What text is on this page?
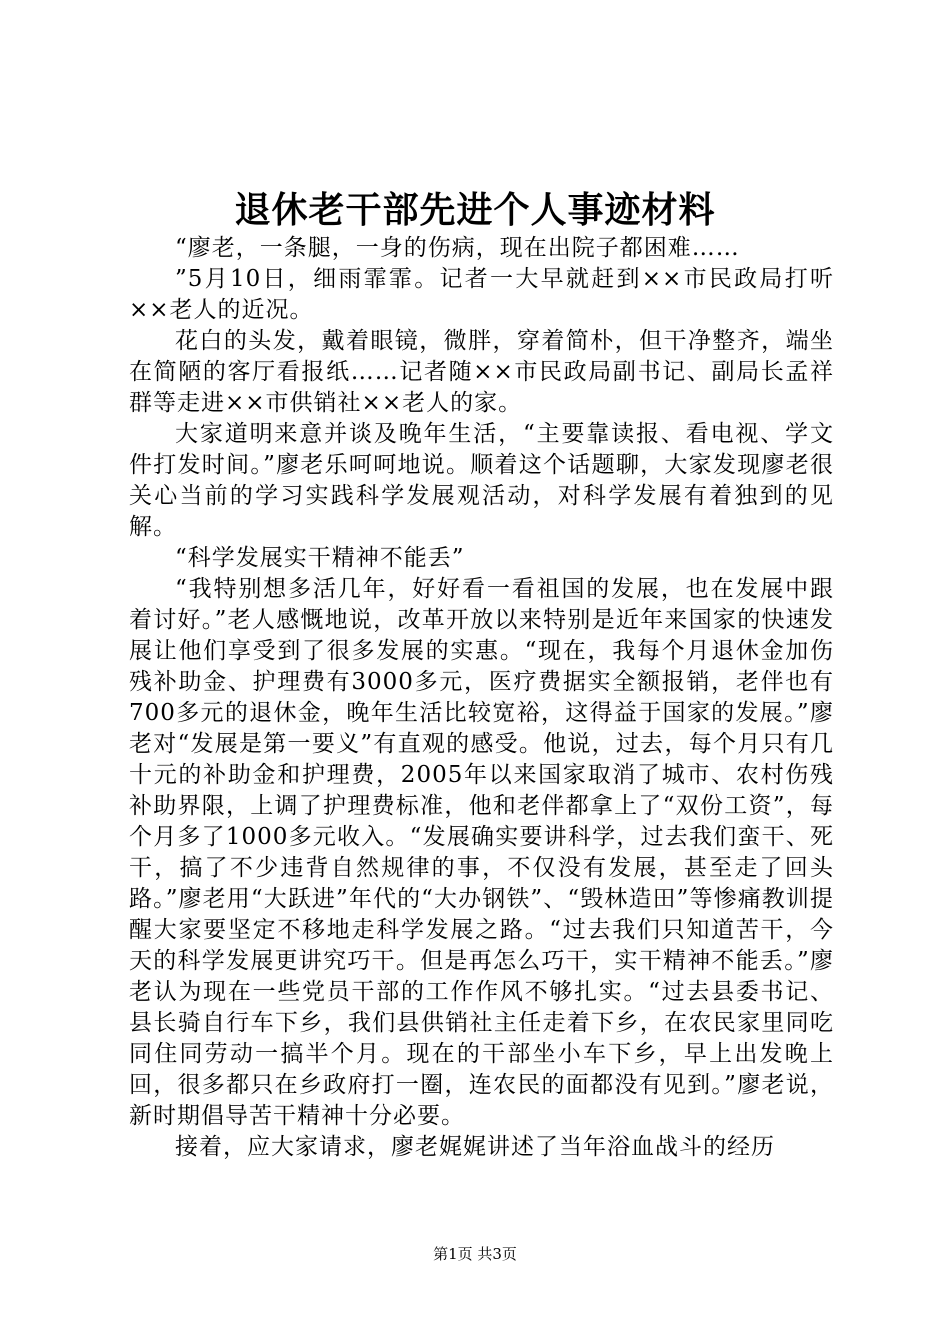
退休老干部先进个人事迹材料

“廖老，一条腿，一身的伤病，现在出院子都困难……

”5月10日，细雨霏霏。记者一大早就赶到××市民政局打听××老人的近况。

花白的头发，戴着眼镜，微胖，穿着简朴，但干净整齐，端坐在简陋的客厅看报纸……记者随××市民政局副书记、副局长孟祥群等走进××市供销社××老人的家。

大家道明来意并谈及晚年生活，“主要靠读报、看电视、学文件打发时间。”廖老乐呵呵地说。顺着这个话题聊，大家发现廖老很关心当前的学习实践科学发展观活动，对科学发展有着独到的见解。

“科学发展实干精神不能丢”

“我特别想多活几年，好好看一看祖国的发展，也在发展中跟着讨好。”老人感慨地说，改革开放以来特别是近年来国家的快速发展让他们享受到了很多发展的实惠。“现在，我每个月退休金加伤残补助金、护理费有3000多元，医疗费据实全额报销，老伴也有700多元的退休金，晚年生活比较宽裕，这得益于国家的发展。”廖老对“发展是第一要义”有直观的感受。他说，过去，每个月只有几十元的补助金和护理费，2005年以来国家取消了城市、农村伤残补助界限，上调了护理费标准，他和老伴都拿上了“双份工资”，每个月多了1000多元收入。“发展确实要讲科学，过去我们蛮干、死干，搞了不少违背自然规律的事，不仅没有发展，甚至走了回头路。”廖老用“大跃进”年代的“大办钢铁”、“毁林造田”等惨痛教训提醒大家要坚定不移地走科学发展之路。“过去我们只知道苦干，今天的科学发展更讲究巧干。但是再怎么巧干，实干精神不能丢。”廖老认为现在一些党员干部的工作作风不够扎实。“过去县委书记、县长骑自行车下乡，我们县供销社主任走着下乡，在农民家里同吃同住同劳动一搞半个月。现在的干部坐小车下乡，早上出发晚上回，很多都只在乡政府打一圈，连农民的面都没有见到。”廖老说，新时期倡导苦干精神十分必要。

接着，应大家请求，廖老娓娓讲述了当年浴血战斗的经历

第1页 共3页
